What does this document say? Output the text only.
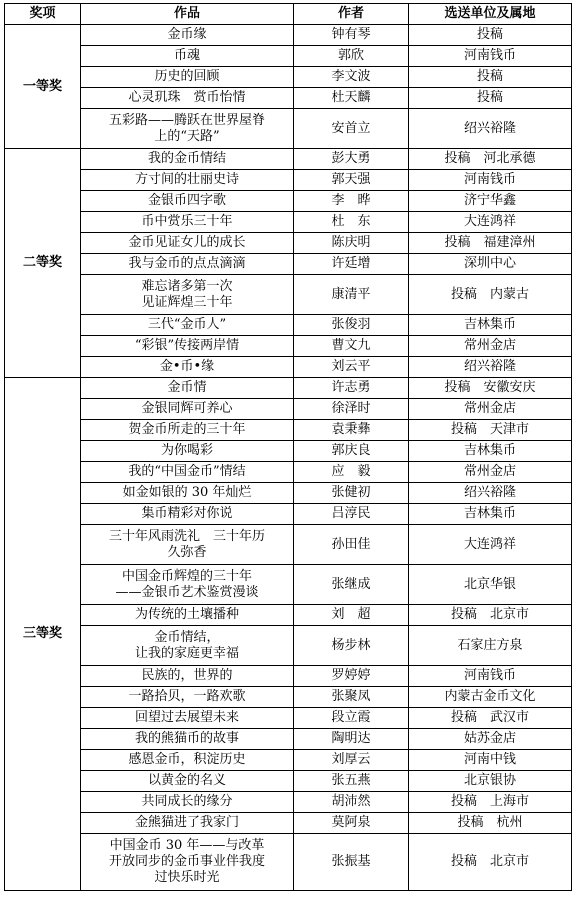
奖项	作品	作者	选送单位及属地
一等奖	金币缘	钟有琴	投稿

	币魂	郭欣	河南钱币

	历史的回顾	李文波	投稿

	心灵玑珠　赏币怡情	杜天麟	投稿

	五彩路——腾跃在世界屋脊
上的“天路”	安首立	绍兴裕隆

二等奖	我的金币情结	彭大勇	投稿　河北承德

	方寸间的壮丽史诗	郭天强	河南钱币

	金银币四字歌	李　晔	济宁华鑫

	币中赏乐三十年	杜　东	大连鸿祥

	金币见证女儿的成长	陈庆明	投稿　福建漳州

	我与金币的点点滴滴	许廷增	深圳中心

	难忘诸多第一次
见证辉煌三十年	康清平	投稿　内蒙古

	三代“金币人”	张俊羽	吉林集币

	“彩银”传接两岸情	曹文九	常州金店

	金•币•缘	刘云平	绍兴裕隆

三等奖	金币情	许志勇	投稿　安徽安庆

	金银同辉可养心	徐泽时	常州金店

	贺金币所走的三十年	袁秉彝	投稿　天津市

	为你喝彩	郭庆良	吉林集币

	我的“中国金币”情结	应　毅	常州金店

	如金如银的 30 年灿烂	张健初	绍兴裕隆

	集币精彩对你说	吕淳民	吉林集币

	三十年风雨洗礼　三十年历
久弥香	孙田佳	大连鸿祥

	中国金币辉煌的三十年
——金银币艺术鉴赏漫谈	张继成	北京华银

	为传统的土壤播种	刘　超	投稿　北京市

	金币情结，
让我的家庭更幸福	杨步林	石家庄方泉

	民族的，世界的	罗婷婷	河南钱币

	一路拾贝，一路欢歌	张聚凤	内蒙古金币文化

	回望过去展望未来	段立霞	投稿　武汉市

	我的熊猫币的故事	陶明达	姑苏金店

	感恩金币，积淀历史	刘厚云	河南中钱

	以黄金的名义	张五燕	北京银协

	共同成长的缘分	胡沛然	投稿　上海市

	金熊猫进了我家门	莫阿泉	投稿　杭州

	中国金币 30 年——与改革
开放同步的金币事业伴我度
过快乐时光	张振基	投稿　北京市
